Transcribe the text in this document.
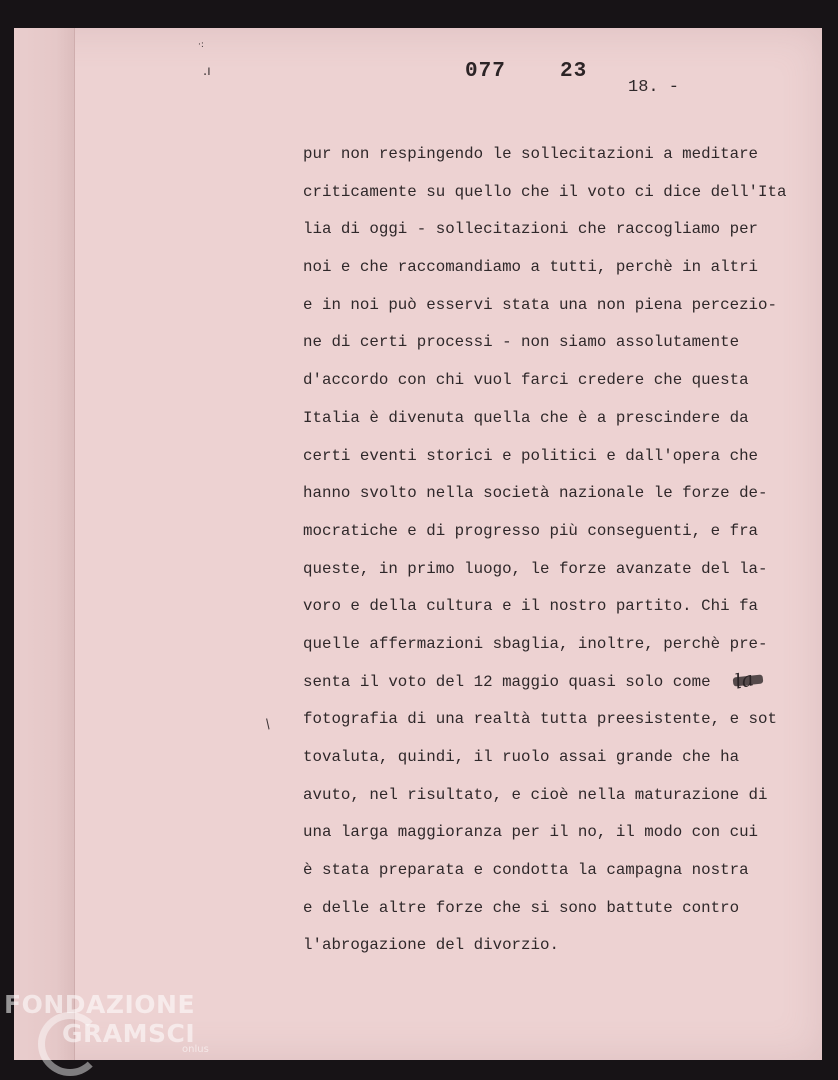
·:
.ı
/
077	23
18. -
pur non respingendo le sollecitazioni a meditare
criticamente su quello che il voto ci dice dell'Ita
lia di oggi - sollecitazioni che raccogliamo per
noi e che raccomandiamo a tutti, perchè in altri
e in noi può esservi stata una non piena percezio-
ne di certi processi - non siamo assolutamente
d'accordo con chi vuol farci credere che questa
Italia è divenuta quella che è a prescindere da
certi eventi storici e politici e dall'opera che
hanno svolto nella società nazionale le forze de-
mocratiche e di progresso più conseguenti, e fra
queste, in primo luogo, le forze avanzate del la-
voro e della cultura e il nostro partito. Chi fa
quelle affermazioni sbaglia, inoltre, perchè pre-
senta il voto del 12 maggio quasi solo come
fotografia di una realtà tutta preesistente, e sot
tovaluta, quindi, il ruolo assai grande che ha
avuto, nel risultato, e cioè nella maturazione di
una larga maggioranza per il no, il modo con cui
è stata preparata e condotta la campagna nostra
e delle altre forze che si sono battute contro
l'abrogazione del divorzio.
la
FONDAZIONE
GRAMSCI
onlus
